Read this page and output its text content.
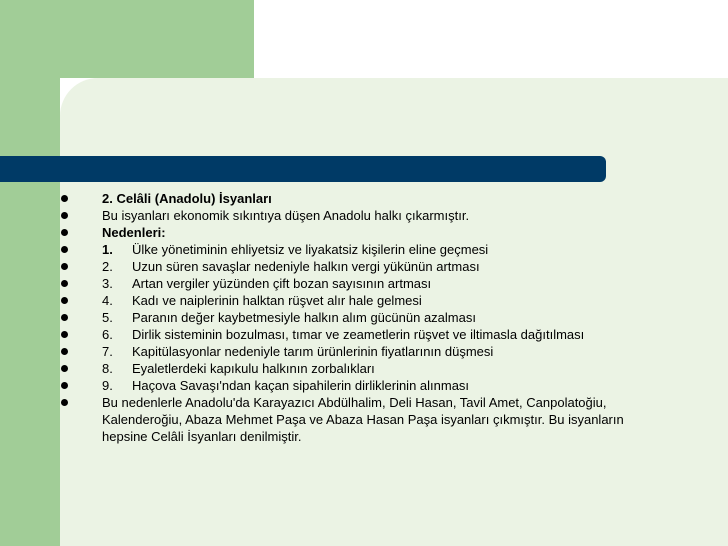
2. Celâli (Anadolu) İsyanları
Bu isyanları ekonomik sıkıntıya düşen Anadolu halkı çıkarmıştır.
Nedenleri:
1. Ülke yönetiminin ehliyetsiz ve liyakatsiz kişilerin eline geçmesi
2. Uzun süren savaşlar nedeniyle halkın vergi yükünün artması
3. Artan vergiler yüzünden çift bozan sayısının artması
4. Kadı ve naiplerinin halktan rüşvet alır hale gelmesi
5. Paranın değer kaybetmesiyle halkın alım gücünün azalması
6. Dirlik sisteminin bozulması, tımar ve zeametlerin rüşvet ve iltimasla dağıtılması
7. Kapitülasyonlar nedeniyle tarım ürünlerinin fiyatlarının düşmesi
8. Eyaletlerdeki kapıkulu halkının zorbalıkları
9. Haçova Savaşı'ndan kaçan sipahilerin dirliklerinin alınması
Bu nedenlerle Anadolu'da Karayazıcı Abdülhalim, Deli Hasan, Tavil Amet, Canpolatoğiu, Kalenderoğiu, Abaza Mehmet Paşa ve Abaza Hasan Paşa isyanları çıkmıştır. Bu isyanların hepsine Celâli İsyanları denilmiştir.
